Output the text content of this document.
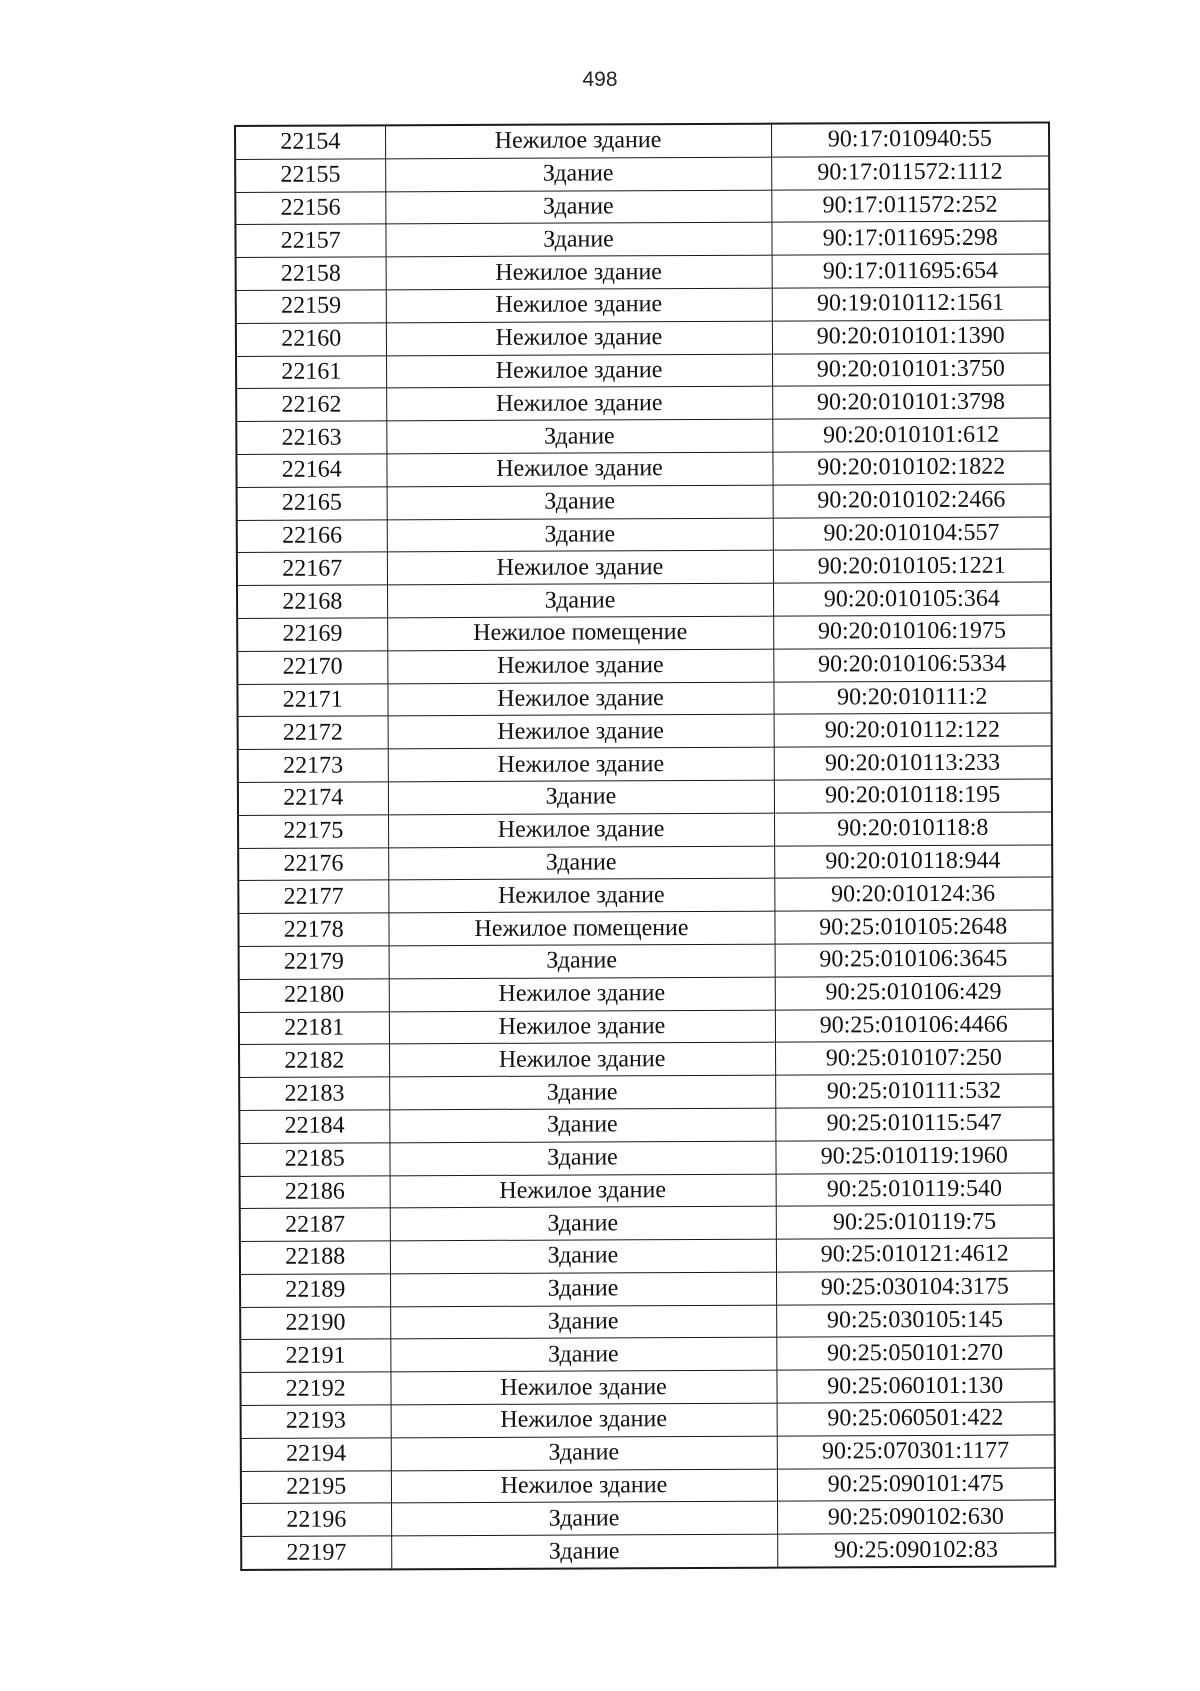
498
22154	Нежилое здание	90:17:010940:55
22155	Здание	90:17:011572:1112
22156	Здание	90:17:011572:252
22157	Здание	90:17:011695:298
22158	Нежилое здание	90:17:011695:654
22159	Нежилое здание	90:19:010112:1561
22160	Нежилое здание	90:20:010101:1390
22161	Нежилое здание	90:20:010101:3750
22162	Нежилое здание	90:20:010101:3798
22163	Здание	90:20:010101:612
22164	Нежилое здание	90:20:010102:1822
22165	Здание	90:20:010102:2466
22166	Здание	90:20:010104:557
22167	Нежилое здание	90:20:010105:1221
22168	Здание	90:20:010105:364
22169	Нежилое помещение	90:20:010106:1975
22170	Нежилое здание	90:20:010106:5334
22171	Нежилое здание	90:20:010111:2
22172	Нежилое здание	90:20:010112:122
22173	Нежилое здание	90:20:010113:233
22174	Здание	90:20:010118:195
22175	Нежилое здание	90:20:010118:8
22176	Здание	90:20:010118:944
22177	Нежилое здание	90:20:010124:36
22178	Нежилое помещение	90:25:010105:2648
22179	Здание	90:25:010106:3645
22180	Нежилое здание	90:25:010106:429
22181	Нежилое здание	90:25:010106:4466
22182	Нежилое здание	90:25:010107:250
22183	Здание	90:25:010111:532
22184	Здание	90:25:010115:547
22185	Здание	90:25:010119:1960
22186	Нежилое здание	90:25:010119:540
22187	Здание	90:25:010119:75
22188	Здание	90:25:010121:4612
22189	Здание	90:25:030104:3175
22190	Здание	90:25:030105:145
22191	Здание	90:25:050101:270
22192	Нежилое здание	90:25:060101:130
22193	Нежилое здание	90:25:060501:422
22194	Здание	90:25:070301:1177
22195	Нежилое здание	90:25:090101:475
22196	Здание	90:25:090102:630
22197	Здание	90:25:090102:83
